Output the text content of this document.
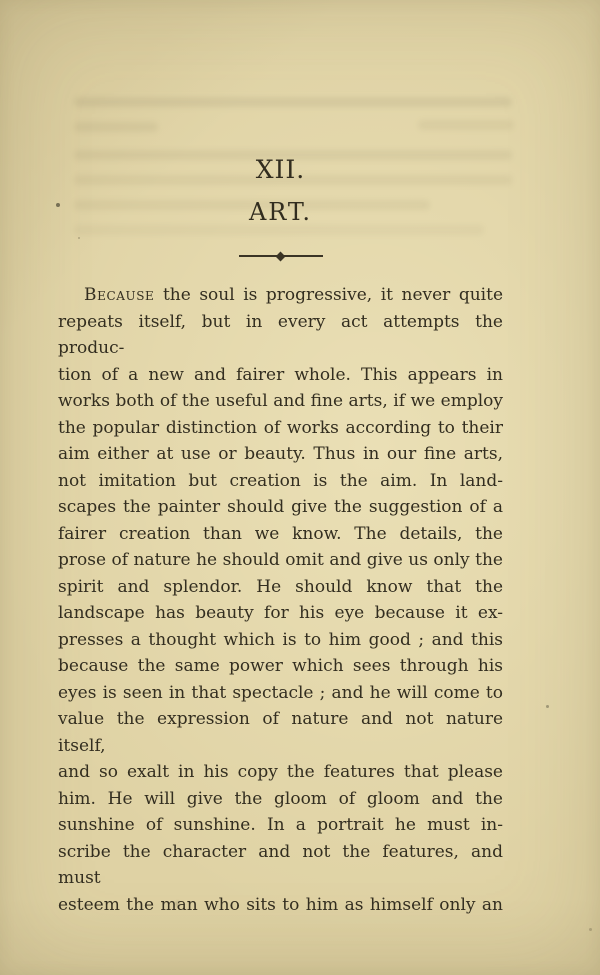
XII.
ART.
Because the soul is progressive, it never quite
repeats itself, but in every act attempts the produc-
tion of a new and fairer whole. This appears in
works both of the useful and fine arts, if we employ
the popular distinction of works according to their
aim either at use or beauty. Thus in our fine arts,
not imitation but creation is the aim. In land-
scapes the painter should give the suggestion of a
fairer creation than we know. The details, the
prose of nature he should omit and give us only the
spirit and splendor. He should know that the
landscape has beauty for his eye because it ex-
presses a thought which is to him good ; and this
because the same power which sees through his
eyes is seen in that spectacle ; and he will come to
value the expression of nature and not nature itself,
and so exalt in his copy the features that please
him. He will give the gloom of gloom and the
sunshine of sunshine. In a portrait he must in-
scribe the character and not the features, and must
esteem the man who sits to him as himself only an
